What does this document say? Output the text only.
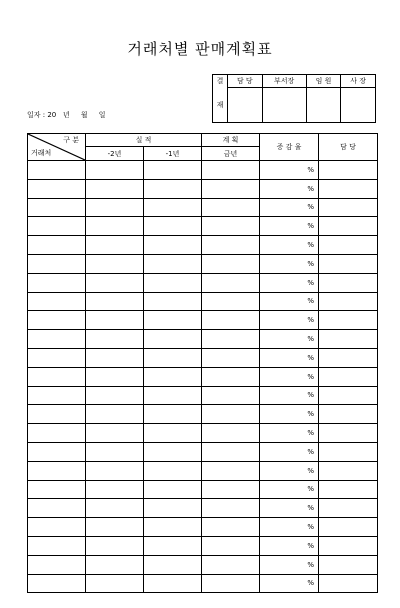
거래처별 판매계획표
결	담 당	부서장	임 원	사 장
재				
일자 : 20   년     월     일
구 분
거래처	실 적		계 획	증 감 율	담 당
	-2년	-1년	금년		
				%	
				%	
				%	
				%	
				%	
				%	
				%	
				%	
				%	
				%	
				%	
				%	
				%	
				%	
				%	
				%	
				%	
				%	
				%	
				%	
				%	
				%	
				%	
